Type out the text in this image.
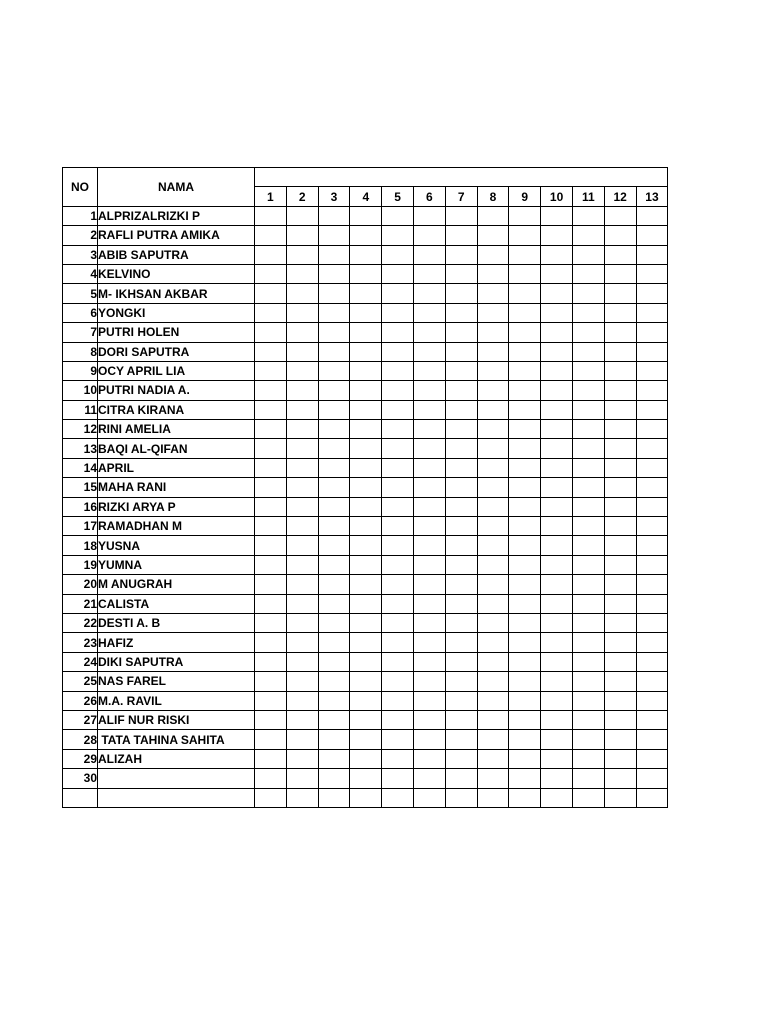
NO	NAMA													
		1	2	3	4	5	6	7	8	9	10	11	12	13
1	ALPRIZALRIZKI P													
2	RAFLI PUTRA AMIKA													
3	ABIB SAPUTRA													
4	KELVINO													
5	M- IKHSAN AKBAR													
6	YONGKI													
7	PUTRI HOLEN													
8	DORI SAPUTRA													
9	OCY APRIL LIA													
10	PUTRI NADIA A.													
11	CITRA KIRANA													
12	RINI AMELIA													
13	BAQI AL-QIFAN													
14	APRIL													
15	MAHA RANI													
16	RIZKI ARYA P													
17	RAMADHAN M													
18	YUSNA													
19	YUMNA													
20	M ANUGRAH													
21	CALISTA													
22	DESTI A. B													
23	HAFIZ													
24	DIKI SAPUTRA													
25	NAS FAREL													
26	M.A. RAVIL													
27	ALIF NUR RISKI													
28	TATA TAHINA SAHITA													
29	ALIZAH													
30														
